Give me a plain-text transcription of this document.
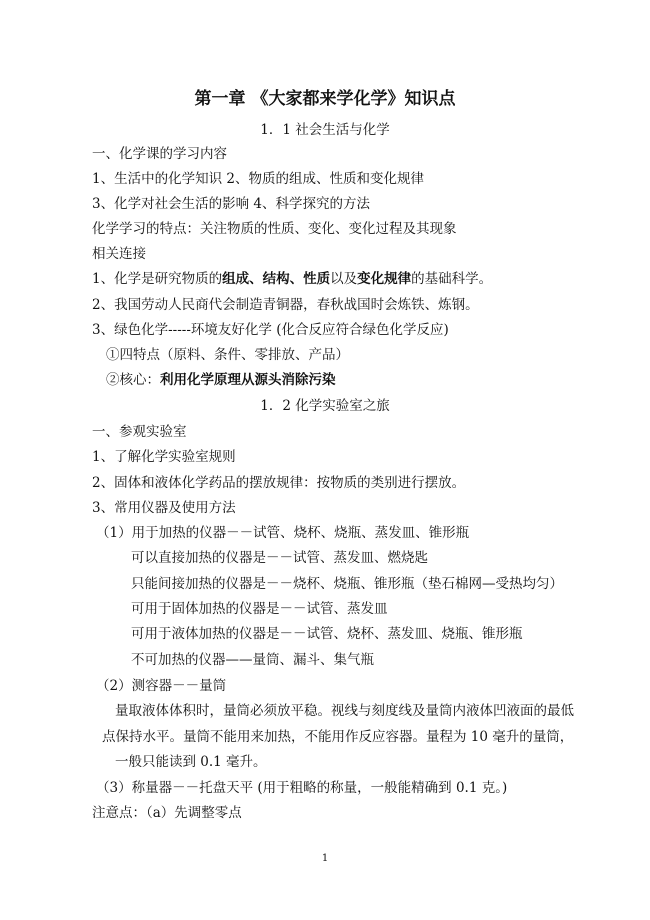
第一章 《大家都来学化学》知识点
1．1 社会生活与化学
一、化学课的学习内容
1、生活中的化学知识 2、物质的组成、性质和变化规律
3、化学对社会生活的影响 4、科学探究的方法
化学学习的特点：关注物质的性质、变化、变化过程及其现象
相关连接
1、化学是研究物质的组成、结构、性质以及变化规律的基础科学。
2、我国劳动人民商代会制造青铜器，春秋战国时会炼铁、炼钢。
3、绿色化学-----环境友好化学 (化合反应符合绿色化学反应)
①四特点（原料、条件、零排放、产品）
②核心：利用化学原理从源头消除污染
1．2 化学实验室之旅
一、参观实验室
1、了解化学实验室规则
2、固体和液体化学药品的摆放规律：按物质的类别进行摆放。
3、常用仪器及使用方法
（1）用于加热的仪器－－试管、烧杯、烧瓶、蒸发皿、锥形瓶
可以直接加热的仪器是－－试管、蒸发皿、燃烧匙
只能间接加热的仪器是－－烧杯、烧瓶、锥形瓶（垫石棉网—受热均匀）
可用于固体加热的仪器是－－试管、蒸发皿
可用于液体加热的仪器是－－试管、烧杯、蒸发皿、烧瓶、锥形瓶
不可加热的仪器——量筒、漏斗、集气瓶
（2）测容器－－量筒
量取液体体积时，量筒必须放平稳。视线与刻度线及量筒内液体凹液面的最低
点保持水平。量筒不能用来加热，不能用作反应容器。量程为 10 毫升的量筒，
一般只能读到 0.1 毫升。
（3）称量器－－托盘天平 (用于粗略的称量，一般能精确到 0.1 克。)
注意点：（a）先调整零点
1
